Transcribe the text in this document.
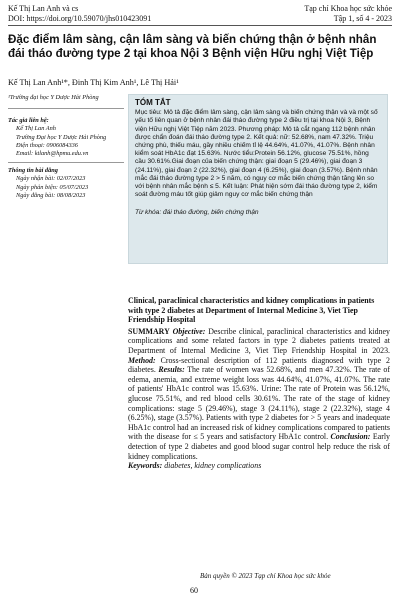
Kế Thị Lan Anh và cs
DOI: https://doi.org/10.59070/jhs010423091
Tạp chí Khoa học sức khỏe
Tập 1, số 4 - 2023
Đặc điểm lâm sàng, cận lâm sàng và biến chứng thận ở bệnh nhân đái tháo đường type 2 tại khoa Nội 3 Bệnh viện Hữu nghị Việt Tiệp
Kế Thị Lan Anh¹*, Đinh Thị Kim Anh¹, Lê Thị Hải¹
¹Trường đại học Y Dược Hải Phòng
Tác giả liên hệ:
Kế Thị Lan Anh
Trường Đại học Y Dược Hải Phòng
Điện thoại: 0906084336
Email: ktlanh@hpmu.edu.vn
Thông tin bài đăng
Ngày nhận bài: 02/07/2023
Ngày phản biện: 05/07/2023
Ngày đăng bài: 08/08/2023
TÓM TẮT
Mục tiêu: Mô tả đặc điểm lâm sàng, cận lâm sàng và biến chứng thận và và một số yếu tố liên quan ở bệnh nhân đái tháo đường type 2 điều trị tại khoa Nội 3, Bệnh viện Hữu nghị Việt Tiệp năm 2023. Phương pháp: Mô tả cắt ngang 112 bệnh nhân được chẩn đoán đái tháo đường type 2. Kết quả: nữ: 52.68%, nam 47.32%. Triệu chứng phù, thiếu máu, gầy nhiều chiếm tỉ lệ 44.64%, 41.07%, 41.07%. Bệnh nhân kiểm soát HbA1c đạt 15.63%. Nước tiểu:Protein 56.12%, glucose 75.51%, hồng cầu 30.61%.Giai đoạn của biến chứng thận: giai đoạn 5 (29.46%), giai đoạn 3 (24.11%), giai đoạn 2 (22.32%), giai đoạn 4 (6.25%), giai đoạn (3.57%). Bệnh nhân mắc đái tháo đường type 2 > 5 năm, có nguy cơ mắc biến chứng thận tăng lên so với bệnh nhân mắc bệnh ≤ 5. Kết luận: Phát hiện sớm đái tháo đường type 2, kiểm soát đường máu tốt giúp giảm nguy cơ mắc biến chứng thận
Từ khóa: đái tháo đường, biến chứng thận
Clinical, paraclinical characteristics and kidney complications in patients with type 2 diabetes at Department of Internal Medicine 3, Viet Tiep Friendship Hospital
SUMMARY Objective: Describe clinical, paraclinical characteristics and kidney complications and some related factors in type 2 diabetes patients treated at Department of Internal Medicine 3, Viet Tiep Friendship Hospital in 2023. Method: Cross-sectional description of 112 patients diagnosed with type 2 diabetes. Results: The rate of women was 52.68%, and men 47.32%. The rate of edema, anemia, and extreme weight loss was 44.64%, 41.07%, 41.07%. The rate of patients' HbA1c control was 15.63%. Urine: The rate of Protein was 56.12%, glucose 75.51%, and red blood cells 30.61%. The rate of the stage of kidney complications: stage 5 (29.46%), stage 3 (24.11%), stage 2 (22.32%), stage 4 (6.25%), stage (3.57%). Patients with type 2 diabetes for > 5 years and inadequate HbA1c control had an increased risk of kidney complications compared to patients with the disease for ≤ 5 years and satisfactory HbA1c control. Conclusion: Early detection of type 2 diabetes and good blood sugar control help reduce the risk of kidney complications.
Keywords: diabetes, kidney complications
Bản quyền © 2023 Tạp chí Khoa học sức khỏe
60
